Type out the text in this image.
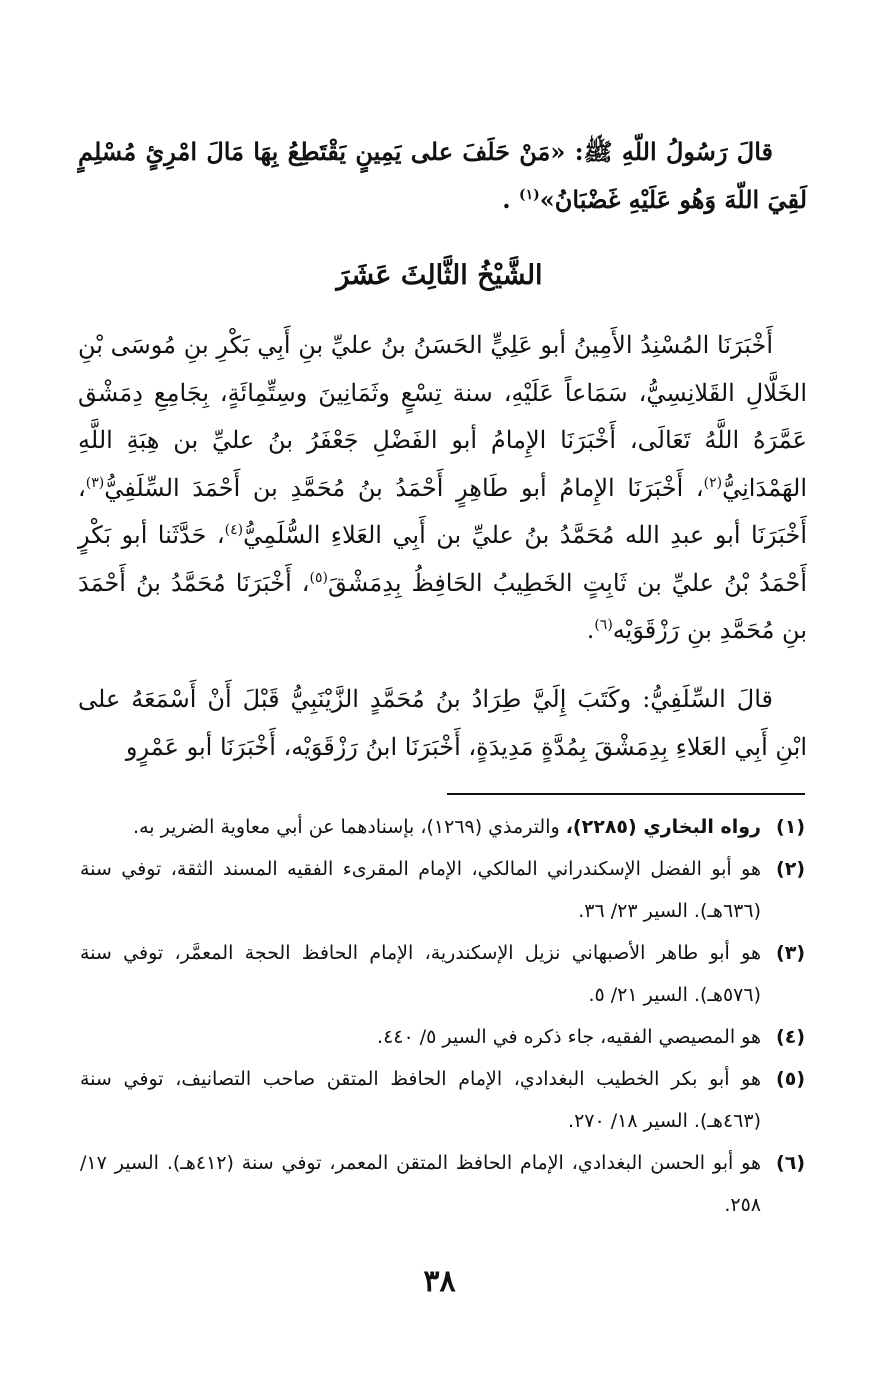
قالَ رَسُولُ اللّهِ ﷺ: «مَنْ حَلَفَ على يَمِينٍ يَقْتَطِعُ بِهَا مَالَ امْرِئٍ مُسْلِمٍ لَقِيَ اللّهَ وَهُو عَلَيْهِ غَضْبَانُ»$^{(١)}$ .

الشَّيْخُ الثَّالِثَ عَشَرَ

أَخْبَرَنَا المُسْنِدُ الأَمِينُ أبو عَلِيٍّ الحَسَنُ بنُ عليِّ بنِ أَبِي بَكْرِ بنِ مُوسَى بْنِ الخَلَّالِ القَلانِسِيُّ، سَمَاعاً عَلَيْهِ، سنة تِسْعٍ وثَمَانِينَ وسِتِّمِائَةٍ، بِجَامِعِ دِمَشْق عَمَّرَهُ اللَّهُ تَعَالَى، أَخْبَرَنَا الإِمامُ أبو الفَضْلِ جَعْفَرُ بنُ عليِّ بن هِبَةِ اللَّهِ الهَمْدَانِيُّ$^{(٢)}$، أَخْبَرَنَا الإِمامُ أبو طَاهِرٍ أَحْمَدُ بنُ مُحَمَّدِ بن أَحْمَدَ السِّلَفِيُّ$^{(٣)}$، أَخْبَرَنَا أبو عبدِ الله مُحَمَّدُ بنُ عليِّ بن أَبِي العَلاءِ السُّلَمِيُّ$^{(٤)}$، حَدَّثَنا أبو بَكْرٍ أَحْمَدُ بْنُ عليِّ بن ثَابِتٍ الخَطِيبُ الحَافِظُ بِدِمَشْقَ$^{(٥)}$، أَخْبَرَنَا مُحَمَّدُ بنُ أَحْمَدَ بنِ مُحَمَّدِ بنِ رَزْقَوَيْه$^{(٦)}$.

قالَ السِّلَفِيُّ: وكَتَبَ إِلَيَّ طِرَادُ بنُ مُحَمَّدٍ الزَّيْنَبِيُّ قَبْلَ أَنْ أَسْمَعَهُ على ابْنِ أَبِي العَلاءِ بِدِمَشْقَ بِمُدَّةٍ مَدِيدَةٍ، أَخْبَرَنَا ابنُ رَزْقَوَيْه، أَخْبَرَنَا أبو عَمْرٍو

(١)
رواه البخاري (٢٢٨٥)، والترمذي (١٢٦٩)، بإسنادهما عن أبي معاوية الضرير به.
(٢)
هو أبو الفضل الإسكندراني المالكي، الإمام المقرىء الفقيه المسند الثقة، توفي سنة (٦٣٦هـ). السير ٢٣/ ٣٦.
(٣)
هو أبو طاهر الأصبهاني نزيل الإسكندرية، الإمام الحافظ الحجة المعمَّر، توفي سنة (٥٧٦هـ). السير ٢١/ ٥.
(٤)
هو المصيصي الفقيه، جاء ذكره في السير ٥/ ٤٤٠.
(٥)
هو أبو بكر الخطيب البغدادي، الإمام الحافظ المتقن صاحب التصانيف، توفي سنة (٤٦٣هـ). السير ١٨/ ٢٧٠.
(٦)
هو أبو الحسن البغدادي، الإمام الحافظ المتقن المعمر، توفي سنة (٤١٢هـ). السير ١٧/ ٢٥٨.
٣٨
